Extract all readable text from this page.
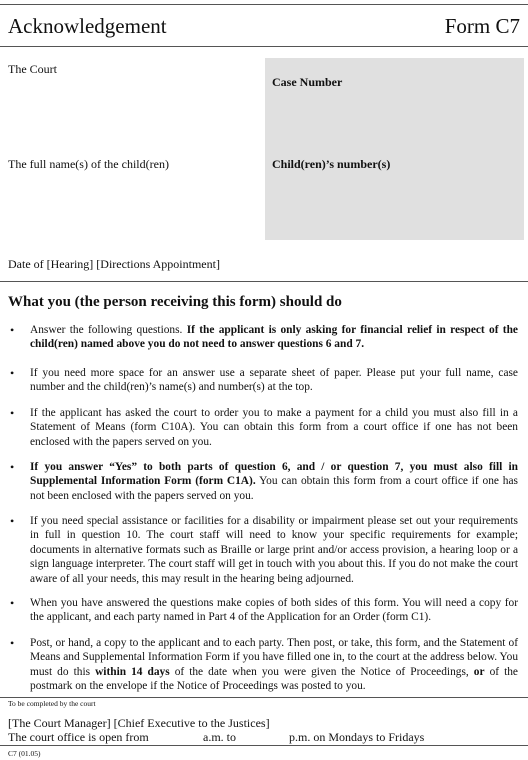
Acknowledgement	Form C7
The Court
Case Number
The full name(s) of the child(ren)	Child(ren)’s number(s)
Date of [Hearing] [Directions Appointment]
What you (the person receiving this form) should do
• Answer the following questions. If the applicant is only asking for financial relief in respect of the child(ren) named above you do not need to answer questions 6 and 7.
• If you need more space for an answer use a separate sheet of paper. Please put your full name, case number and the child(ren)’s name(s) and number(s) at the top.
• If the applicant has asked the court to order you to make a payment for a child you must also fill in a Statement of Means (form C10A). You can obtain this form from a court office if one has not been enclosed with the papers served on you.
• If you answer “Yes” to both parts of question 6, and / or question 7, you must also fill in Supplemental Information Form (form C1A). You can obtain this form from a court office if one has not been enclosed with the papers served on you.
• If you need special assistance or facilities for a disability or impairment please set out your requirements in full in question 10. The court staff will need to know your specific requirements for example; documents in alternative formats such as Braille or large print and/or access provision, a hearing loop or a sign language interpreter. The court staff will get in touch with you about this. If you do not make the court aware of all your needs, this may result in the hearing being adjourned.
• When you have answered the questions make copies of both sides of this form. You will need a copy for the applicant, and each party named in Part 4 of the Application for an Order (form C1).
• Post, or hand, a copy to the applicant and to each party. Then post, or take, this form, and the Statement of Means and Supplemental Information Form if you have filled one in, to the court at the address below. You must do this within 14 days of the date when you were given the Notice of Proceedings, or of the postmark on the envelope if the Notice of Proceedings was posted to you.
To be completed by the court
[The Court Manager] [Chief Executive to the Justices]
The court office is open from	a.m. to	p.m. on Mondays to Fridays
C7 (01.05)
